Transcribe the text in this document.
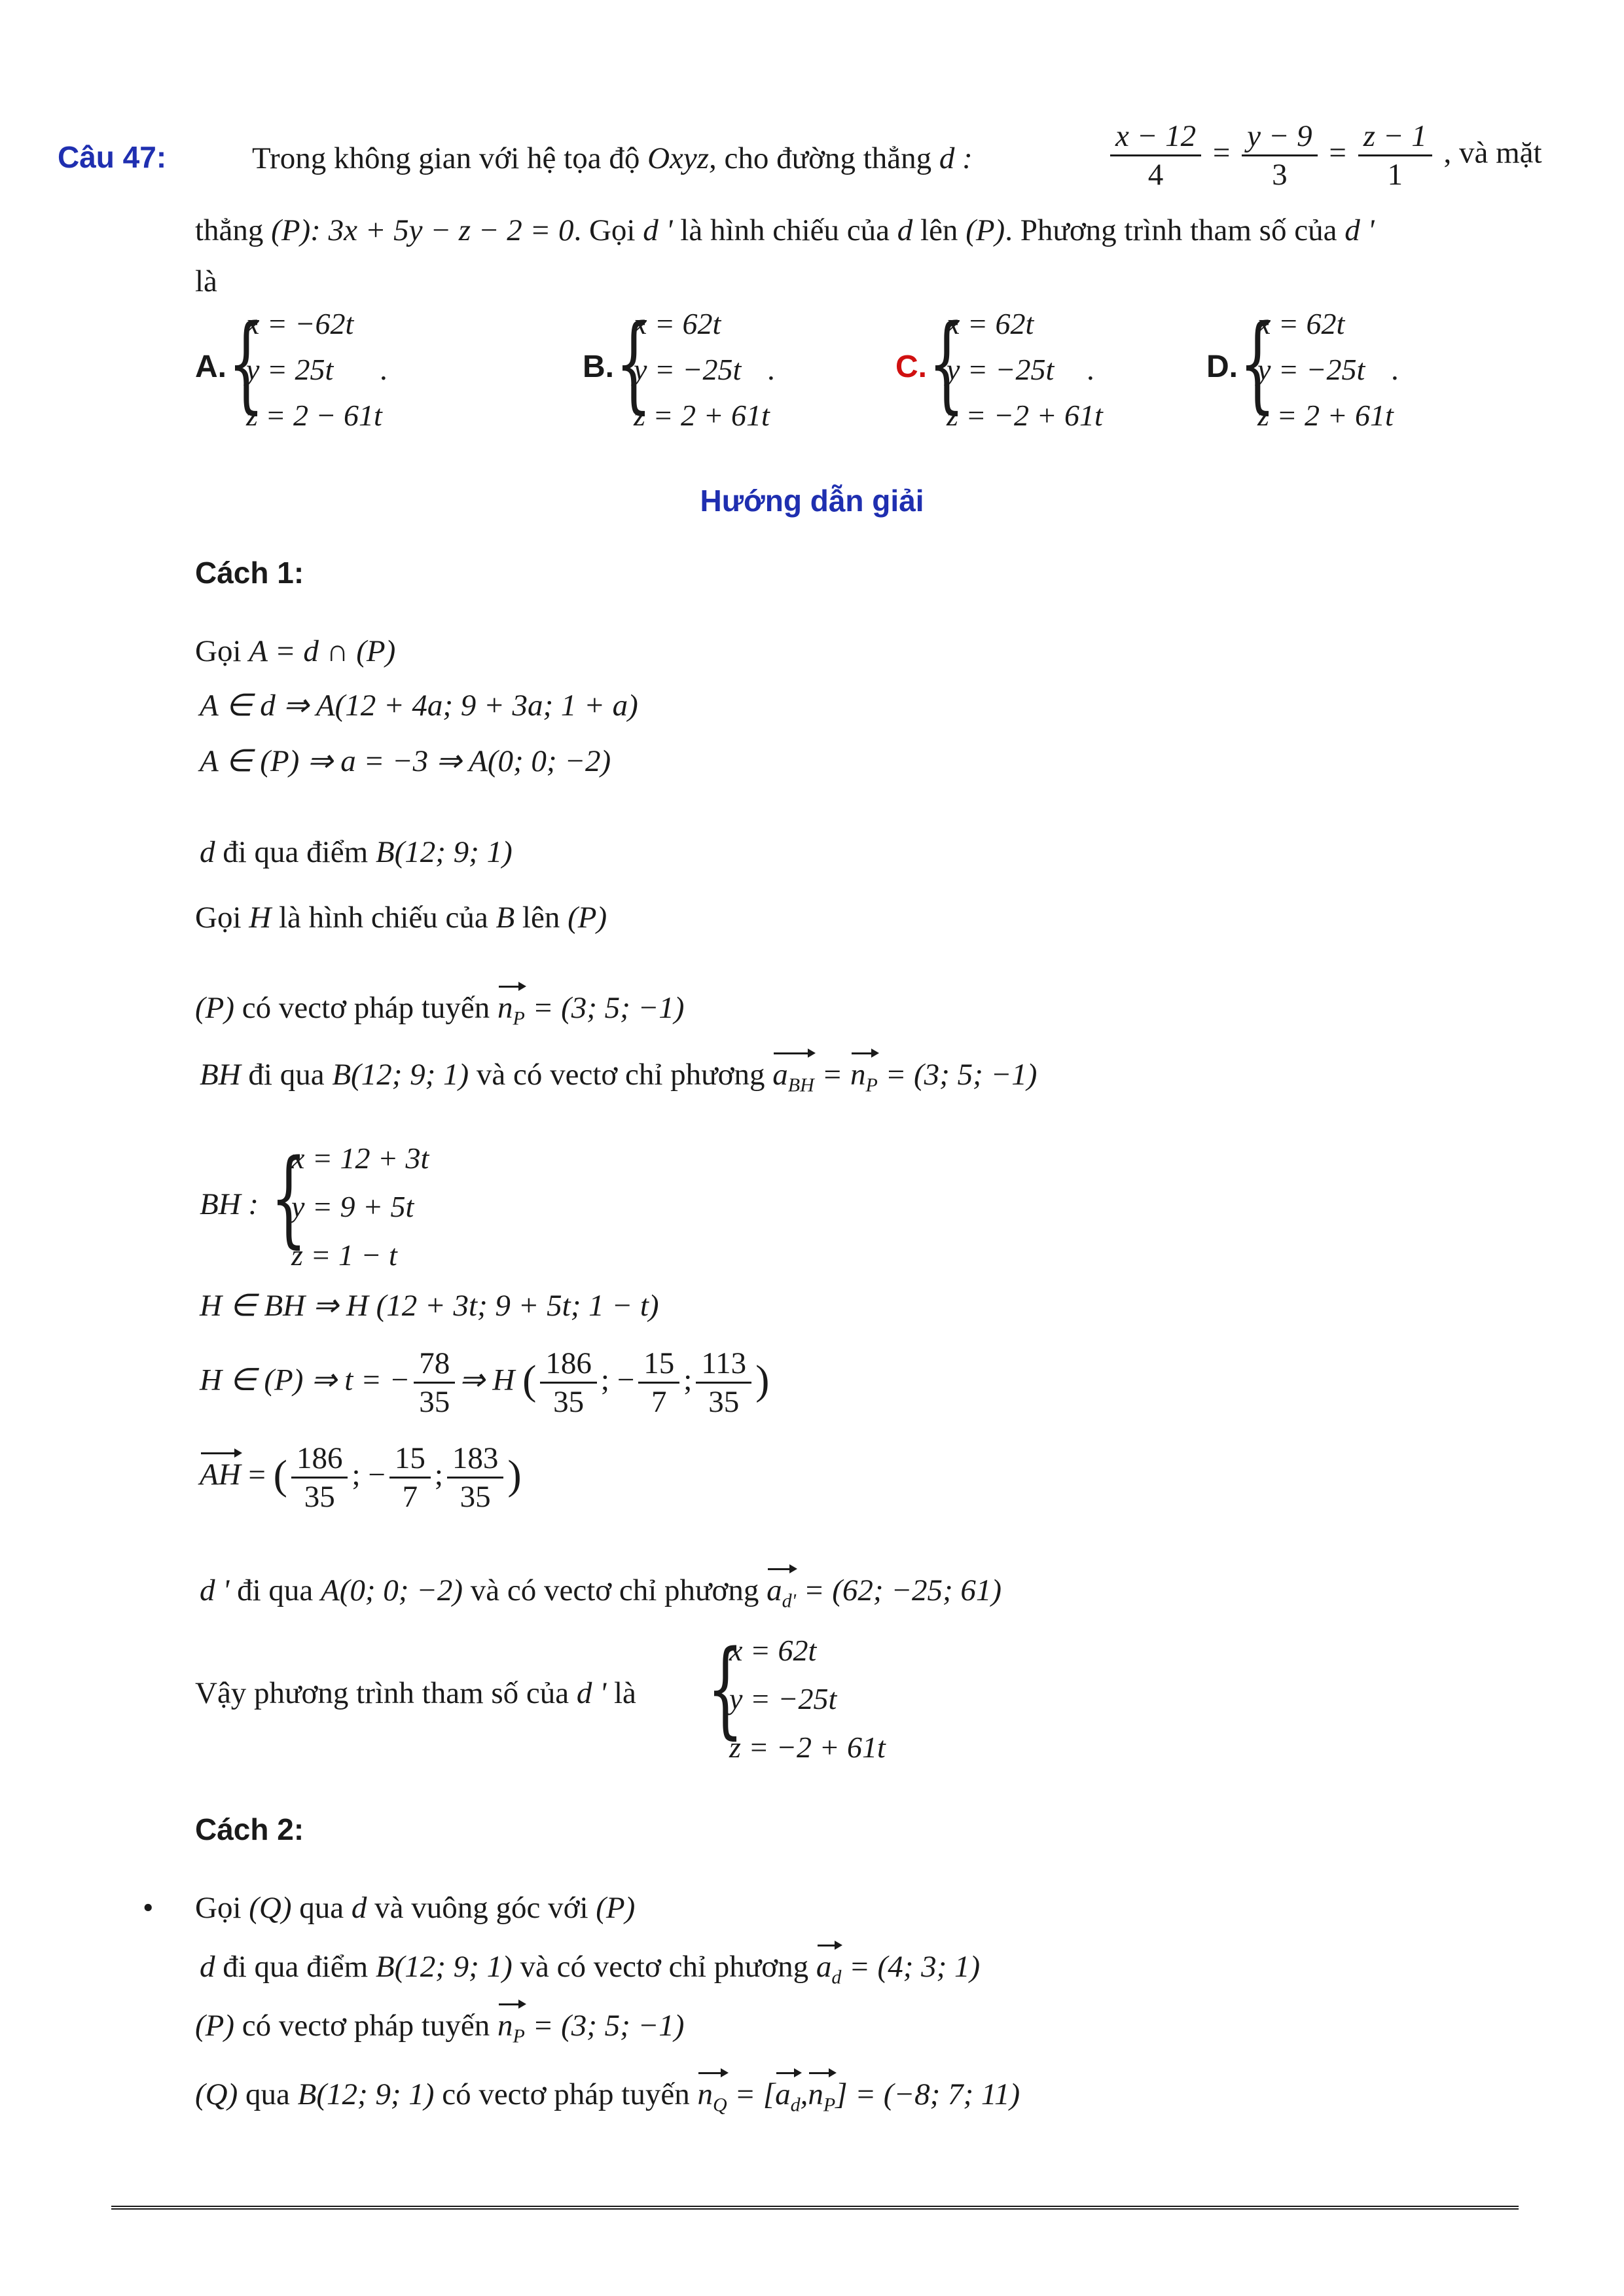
Câu 47:	Trong không gian với hệ tọa độ Oxyz, cho đường thẳng d :	$\frac{x - 12}{4} = \frac{y - 9}{3} = \frac{z - 1}{1}$ , và mặt
thẳng (P): 3x + 5y − z − 2 = 0. Gọi d ' là hình chiếu của d lên (P). Phương trình tham số của d '
là
A. {
x = −62t
y = 25t
z = 2 − 61t
.	B. {
x = 62t
y = −25t
z = 2 + 61t
.	C. {
x = 62t
y = −25t
z = −2 + 61t
.	D. {
x = 62t
y = −25t
z = 2 + 61t
.
Hướng dẫn giải
Cách 1:
Gọi A = d ∩ (P)
A ∈ d ⇒ A(12 + 4a; 9 + 3a; 1 + a)
A ∈ (P) ⇒ a = −3 ⇒ A(0; 0; −2)
d đi qua điểm B(12; 9; 1)
Gọi H là hình chiếu của B lên (P)
(P) có vectơ pháp tuyến $n_P = (3$; 5; −1)
BH đi qua B(12; 9; 1) và có vectơ chỉ phương $a_{BH} = n_P = (3$; 5; −1)
BH : {
x = 12 + 3t
y = 9 + 5t
z = 1 − t
H ∈ BH ⇒ H (12 + 3t; 9 + 5t; 1 − t)
H ∈ (P) ⇒ t = − $\frac{78}{35}$ ⇒ H ( $\frac{186}{35}$ ; − $\frac{15}{7}$ ; $\frac{113}{35}$ )
AH = ( $\frac{186}{35}$ ; − $\frac{15}{7}$ ; $\frac{183}{35}$ )
d ' đi qua A(0; 0; −2) và có vectơ chỉ phương $a_{d'} = (62$; −25; 61)
Vậy phương trình tham số của d ' là {
x = 62t
y = −25t
z = −2 + 61t
Cách 2:
• Gọi (Q) qua d và vuông góc với (P)
d đi qua điểm B(12; 9; 1) và có vectơ chỉ phương $a_d = (4$; 3; 1)
(P) có vectơ pháp tuyến $n_P = (3$; 5; −1)
(Q) qua B(12; 9; 1) có vectơ pháp tuyến $n_Q = [a_d,n_P] = (-8$; 7; 11)
